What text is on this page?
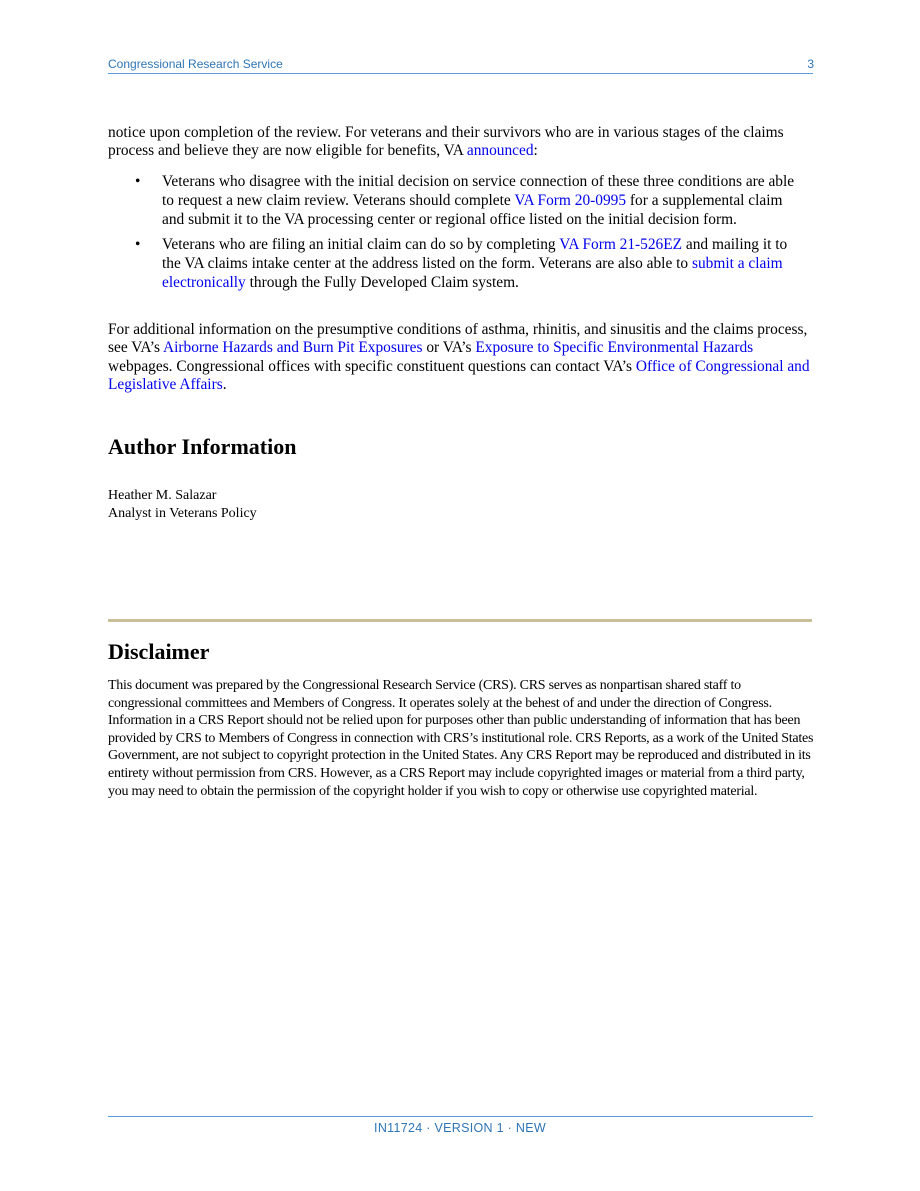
Congressional Research Service	3

notice upon completion of the review. For veterans and their survivors who are in various stages of the claims process and believe they are now eligible for benefits, VA announced:

• Veterans who disagree with the initial decision on service connection of these three conditions are able to request a new claim review. Veterans should complete VA Form 20-0995 for a supplemental claim and submit it to the VA processing center or regional office listed on the initial decision form.
• Veterans who are filing an initial claim can do so by completing VA Form 21-526EZ and mailing it to the VA claims intake center at the address listed on the form. Veterans are also able to submit a claim electronically through the Fully Developed Claim system.

For additional information on the presumptive conditions of asthma, rhinitis, and sinusitis and the claims process, see VA’s Airborne Hazards and Burn Pit Exposures or VA’s Exposure to Specific Environmental Hazards webpages. Congressional offices with specific constituent questions can contact VA’s Office of Congressional and Legislative Affairs.

Author Information
Heather M. Salazar
Analyst in Veterans Policy
Disclaimer

This document was prepared by the Congressional Research Service (CRS). CRS serves as nonpartisan shared staff to congressional committees and Members of Congress. It operates solely at the behest of and under the direction of Congress. Information in a CRS Report should not be relied upon for purposes other than public understanding of information that has been provided by CRS to Members of Congress in connection with CRS’s institutional role. CRS Reports, as a work of the United States Government, are not subject to copyright protection in the United States. Any CRS Report may be reproduced and distributed in its entirety without permission from CRS. However, as a CRS Report may include copyrighted images or material from a third party, you may need to obtain the permission of the copyright holder if you wish to copy or otherwise use copyrighted material.

IN11724 · VERSION 1 · NEW
